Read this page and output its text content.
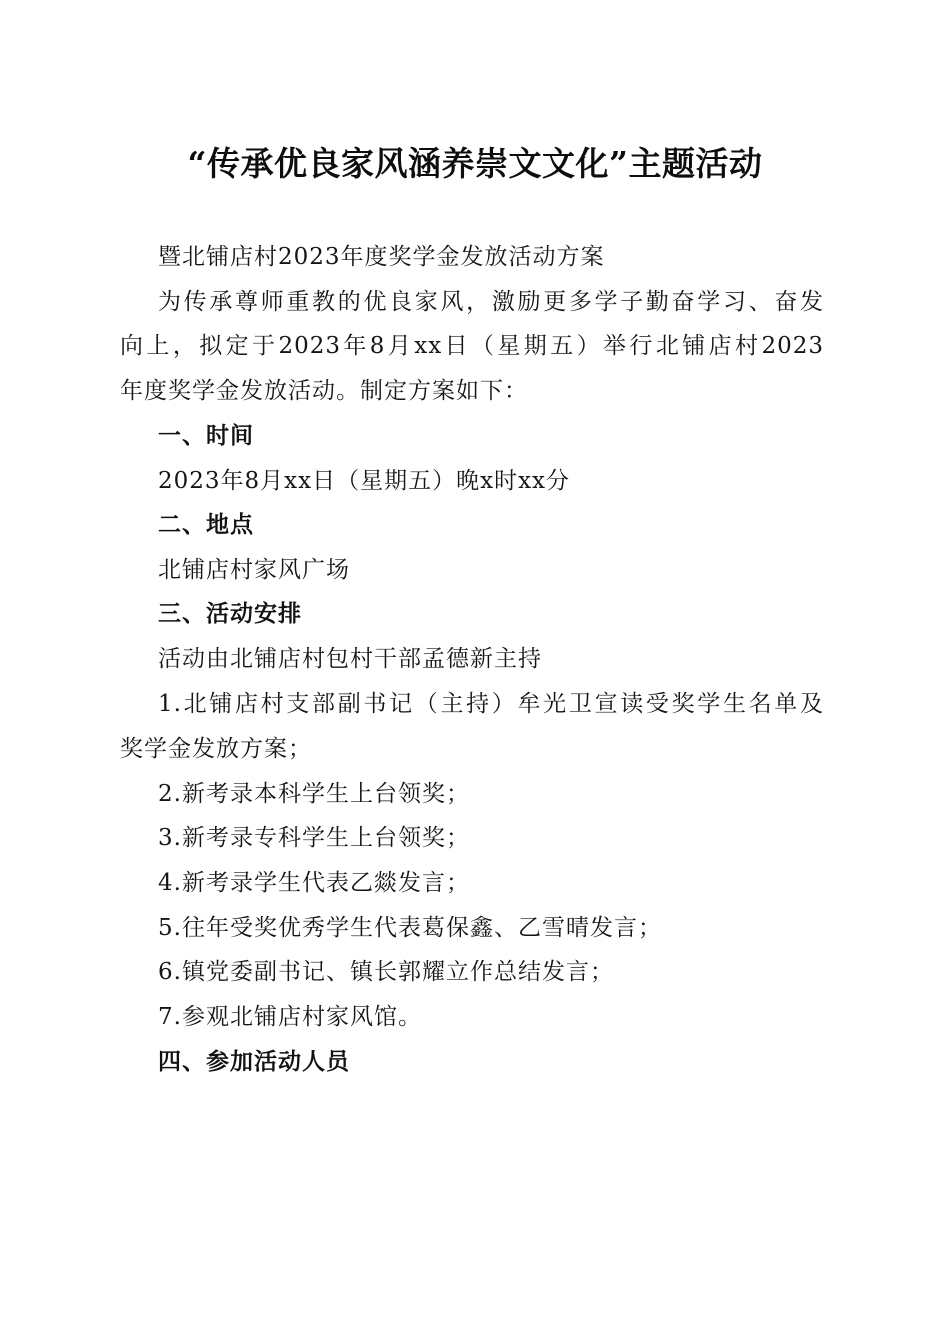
“传承优良家风涵养崇文文化”主题活动
暨北铺店村2023年度奖学金发放活动方案
为传承尊师重教的优良家风，激励更多学子勤奋学习、奋发
向上，拟定于2023年8月xx日（星期五）举行北铺店村2023
年度奖学金发放活动。制定方案如下：
一、时间
2023年8月xx日（星期五）晚x时xx分
二、地点
北铺店村家风广场
三、活动安排
活动由北铺店村包村干部孟德新主持
1.北铺店村支部副书记（主持）牟光卫宣读受奖学生名单及
奖学金发放方案；
2.新考录本科学生上台领奖；
3.新考录专科学生上台领奖；
4.新考录学生代表乙燚发言；
5.往年受奖优秀学生代表葛保鑫、乙雪晴发言；
6.镇党委副书记、镇长郭耀立作总结发言；
7.参观北铺店村家风馆。
四、参加活动人员
